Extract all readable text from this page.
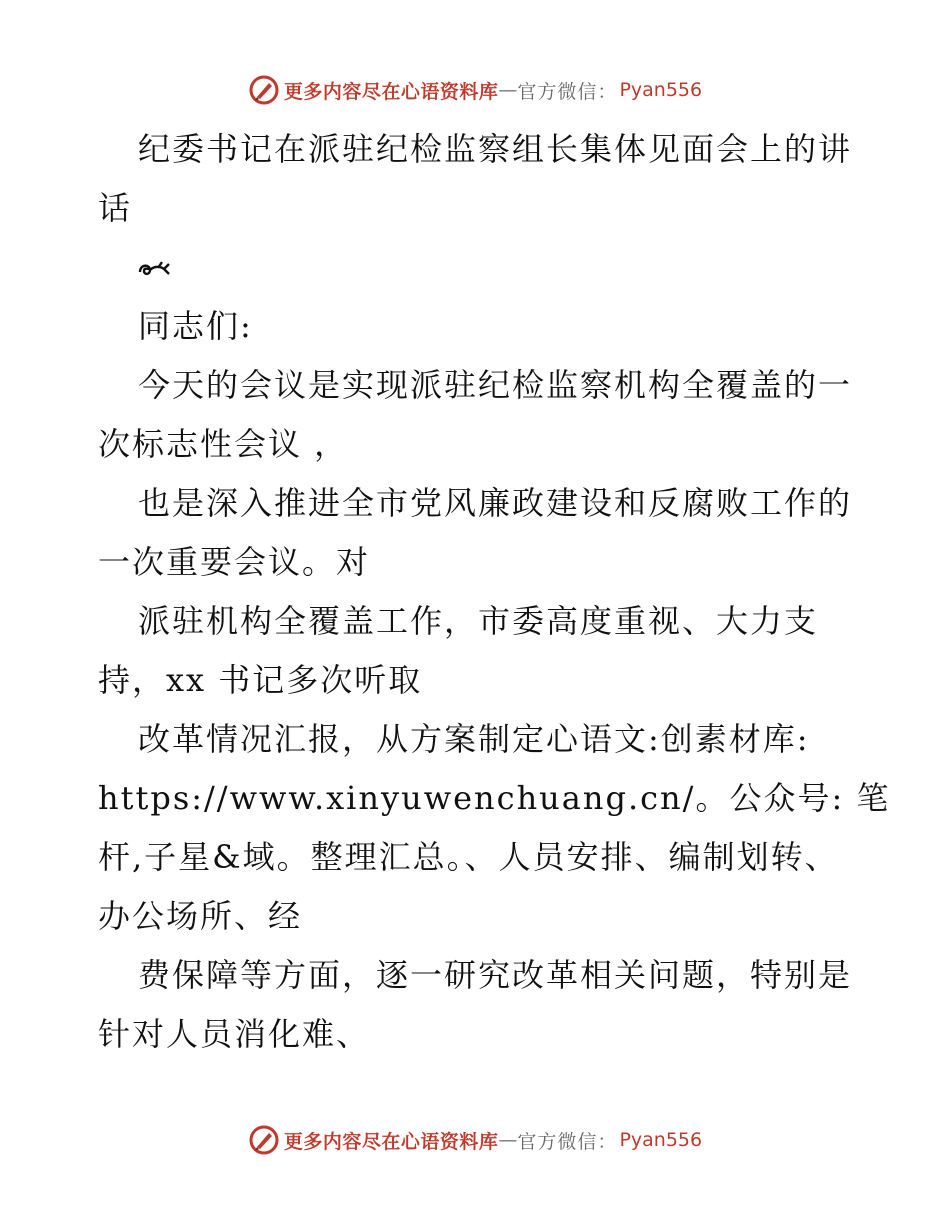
更多内容尽在心语资料库 — 官方微信： Pyan556
纪委书记在派驻纪检监察组长集体见面会上的讲
话
同志们:
今天的会议是实现派驻纪检监察机构全覆盖的一
次标志性会议 ，
也是深入推进全市党风廉政建设和反腐败工作的
一次重要会议。对
派驻机构全覆盖工作，市委高度重视、大力支
持，xx 书记多次听取
改革情况汇报，从方案制定心语文:创素材库:
https://www.xinyuwenchuang.cn/。公众号: 笔
杆,子星&域。整理汇总。、人员安排、编制划转、
办公场所、经
费保障等方面，逐一研究改革相关问题，特别是
针对人员消化难、
更多内容尽在心语资料库 — 官方微信： Pyan556
